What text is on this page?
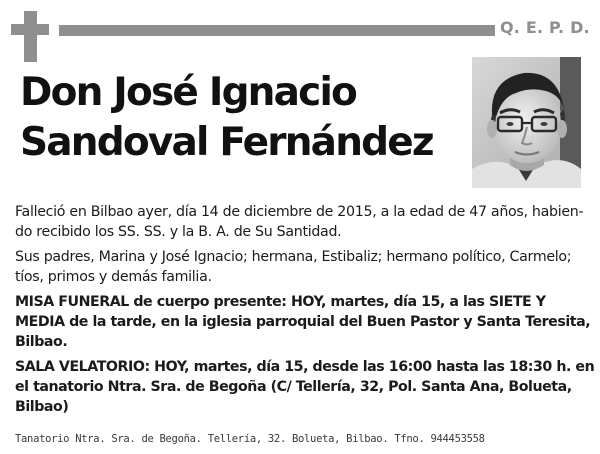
Q. E. P. D.
Don José Ignacio
Sandoval Fernández

Falleció en Bilbao ayer, día 14 de diciembre de 2015, a la edad de 47 años, habien-
do recibido los SS. SS. y la B. A. de Su Santidad.

Sus padres, Marina y José Ignacio; hermana, Estibaliz; hermano político, Carmelo;
tíos, primos y demás familia.

MISA FUNERAL de cuerpo presente: HOY, martes, día 15, a las SIETE Y
MEDIA de la tarde, en la iglesia parroquial del Buen Pastor y Santa Teresita,
Bilbao.

SALA VELATORIO: HOY, martes, día 15, desde las 16:00 hasta las 18:30 h. en
el tanatorio Ntra. Sra. de Begoña (C/ Tellería, 32, Pol. Santa Ana, Bolueta,
Bilbao)

Tanatorio Ntra. Sra. de Begoña. Tellería, 32. Bolueta, Bilbao. Tfno. 944453558
